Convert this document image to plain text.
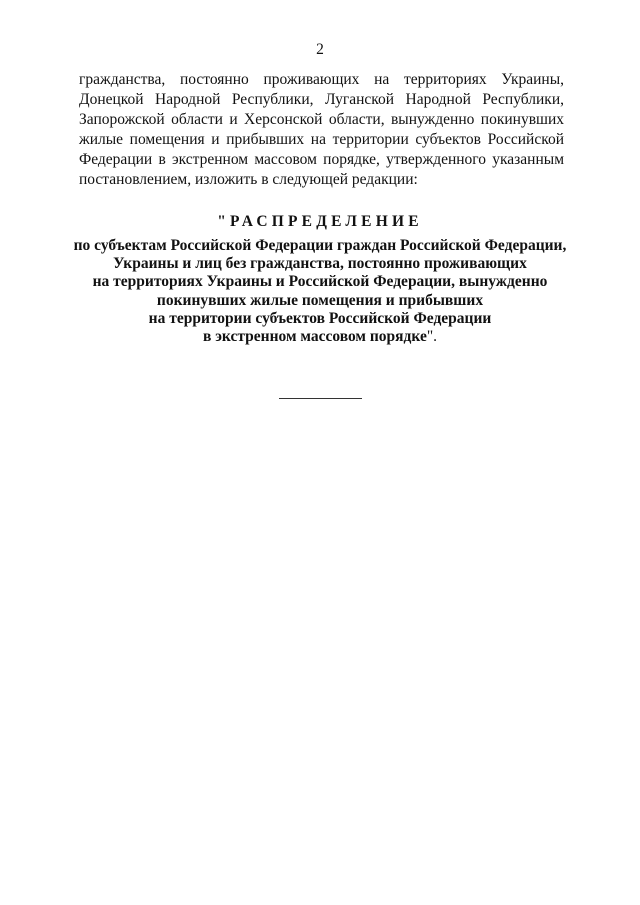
2
гражданства, постоянно проживающих на территориях Украины,
Донецкой Народной Республики, Луганской Народной Республики,
Запорожской области и Херсонской области, вынужденно покинувших
жилые помещения и прибывших на территории субъектов Российской
Федерации в экстренном массовом порядке, утвержденного указанным
постановлением, изложить в следующей редакции:
"РАСПРЕДЕЛЕНИЕ
по субъектам Российской Федерации граждан Российской Федерации,
Украины и лиц без гражданства, постоянно проживающих
на территориях Украины и Российской Федерации, вынужденно
покинувших жилые помещения и прибывших
на территории субъектов Российской Федерации
в экстренном массовом порядке".
